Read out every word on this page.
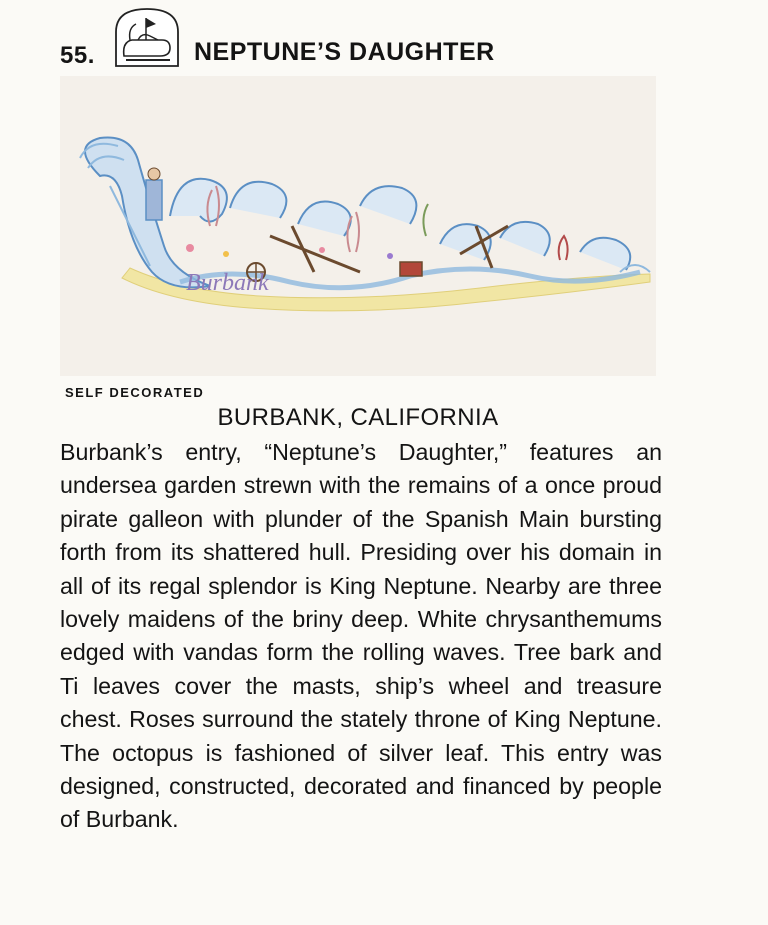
55.	NEPTUNE’S DAUGHTER
Burbank
SELF DECORATED
BURBANK, CALIFORNIA

Burbank’s entry, “Neptune’s Daughter,” features an undersea garden strewn with the remains of a once proud pirate galleon with plunder of the Spanish Main bursting forth from its shattered hull. Presiding over his domain in all of its regal splendor is King Neptune. Nearby are three lovely maidens of the briny deep. White chrysanthemums edged with vandas form the rolling waves. Tree bark and Ti leaves cover the masts, ship’s wheel and treasure chest. Roses surround the stately throne of King Neptune. The octopus is fashioned of silver leaf. This entry was designed, constructed, decorated and financed by people of Burbank.
